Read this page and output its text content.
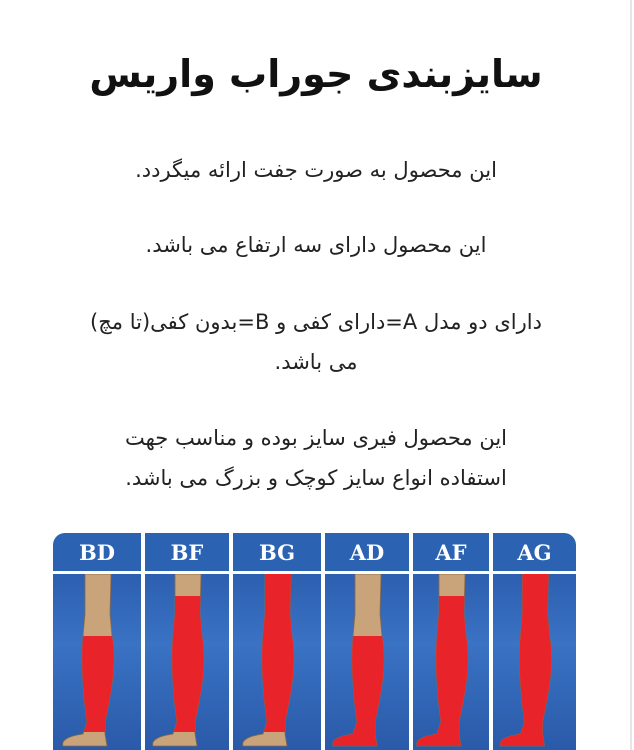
سایزبندی جوراب واریس

این محصول به صورت جفت ارائه میگردد.

این محصول دارای سه ارتفاع می باشد.

دارای دو مدل A=دارای کفی و B=بدون کفی(تا مچ)
می باشد.

این محصول فیری سایز بوده و مناسب جهت
استفاده انواع سایز کوچک و بزرگ می باشد.

BD	BF	BG	AD	AF	AG
